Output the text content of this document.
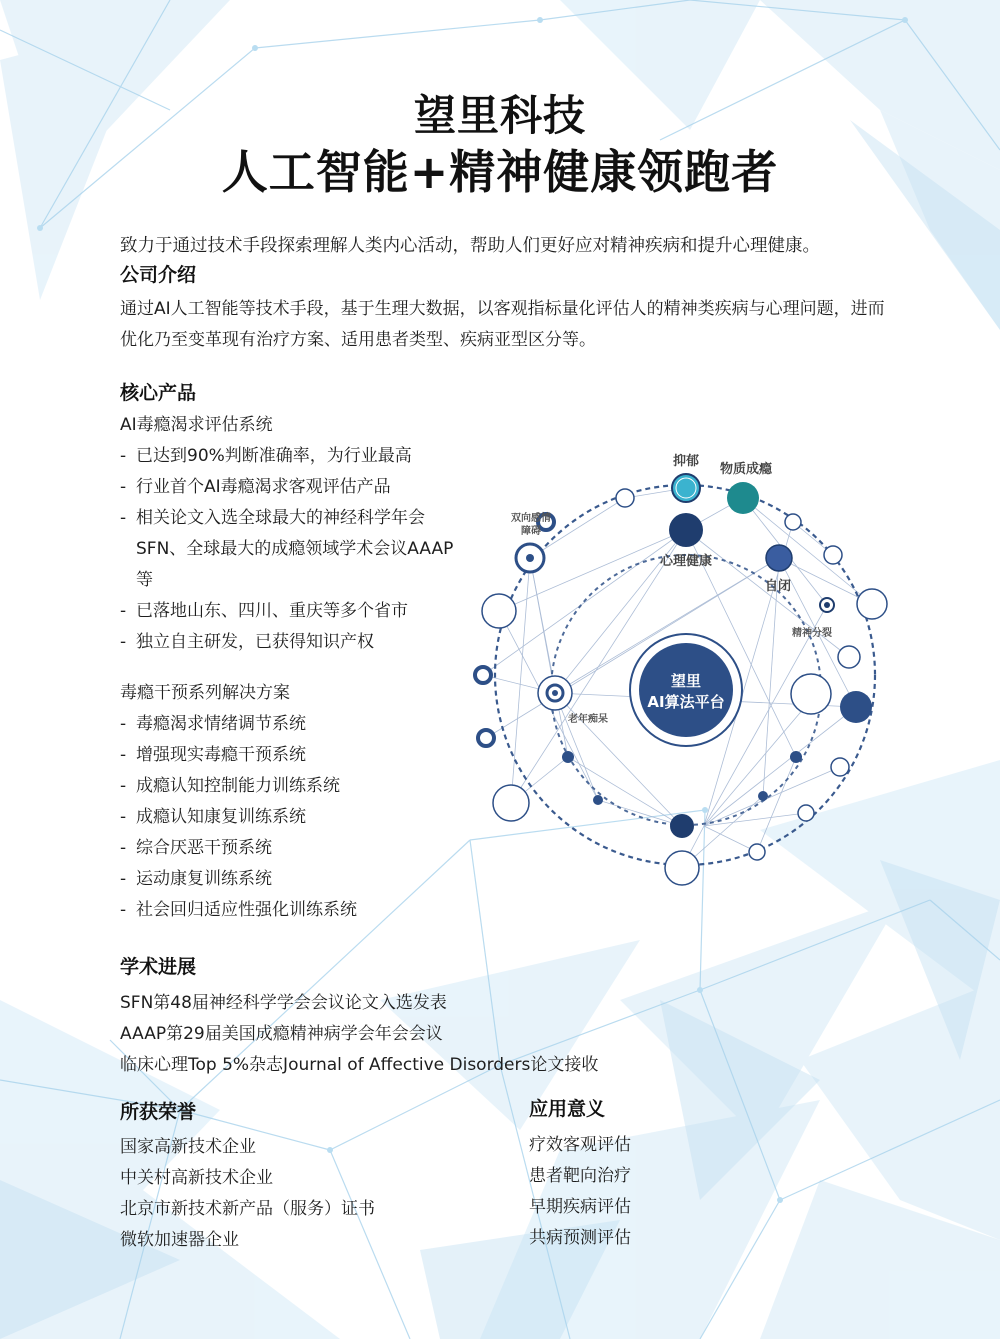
望里科技
人工智能+精神健康领跑者

致力于通过技术手段探索理解人类内心活动，帮助人们更好应对精神疾病和提升心理健康。

公司介绍

通过AI人工智能等技术手段，基于生理大数据，以客观指标量化评估人的精神类疾病与心理问题，进而优化乃至变革现有治疗方案、适用患者类型、疾病亚型区分等。

核心产品

AI毒瘾渴求评估系统

- 已达到90%判断准确率，为行业最高
- 行业首个AI毒瘾渴求客观评估产品
- 相关论文入选全球最大的神经科学年会SFN、全球最大的成瘾领域学术会议AAAP等
- 已落地山东、四川、重庆等多个省市
- 独立自主研发，已获得知识产权

毒瘾干预系列解决方案

- 毒瘾渴求情绪调节系统
- 增强现实毒瘾干预系统
- 成瘾认知控制能力训练系统
- 成瘾认知康复训练系统
- 综合厌恶干预系统
- 运动康复训练系统
- 社会回归适应性强化训练系统
望里
AI算法平台
抑郁
物质成瘾
双向感情
障碍
心理健康
自闭
精神分裂
老年痴呆
学术进展
SFN第48届神经科学学会会议论文入选发表
AAAP第29届美国成瘾精神病学会年会会议
临床心理Top 5%杂志Journal of Affective Disorders论文接收
所获荣誉
国家高新技术企业
中关村高新技术企业
北京市新技术新产品（服务）证书
微软加速器企业
应用意义
疗效客观评估
患者靶向治疗
早期疾病评估
共病预测评估
